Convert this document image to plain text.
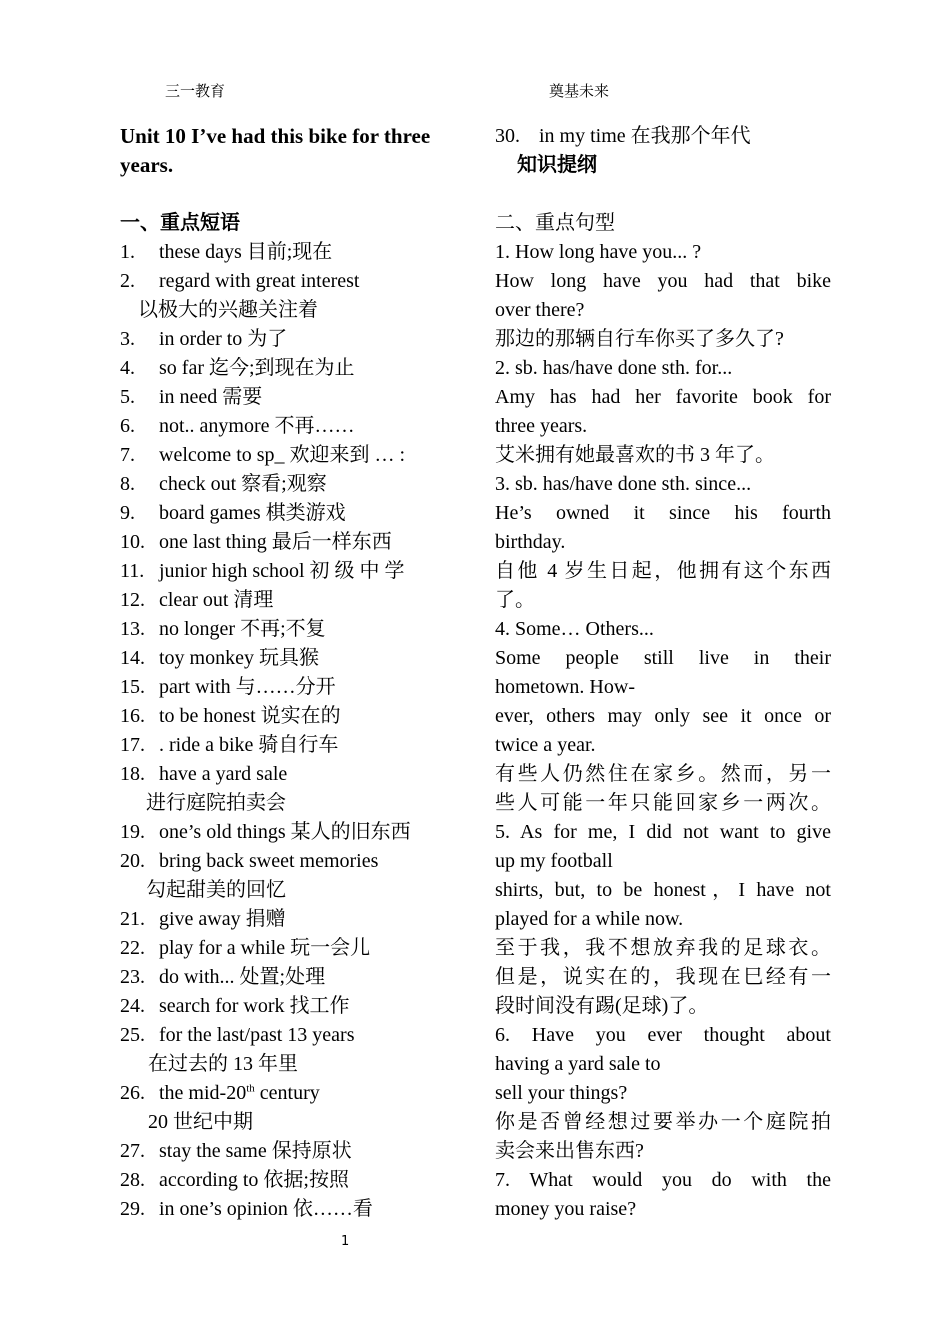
三一教育	奠基未来
Unit 10 I’ve had this bike for three
years.
一、重点短语
1.	these days 目前;现在
2.	regard with great interest
以极大的兴趣关注着
3.	in order to 为了
4.	so far 迄今;到现在为止
5.	in need 需要
6.	not.. anymore 不再……
7.	welcome to sp_ 欢迎来到 … :
8.	check out 察看;观察
9.	board games 棋类游戏
10. one last thing 最后一样东西
11. junior high school 初 级 中 学
12. clear out 清理
13. no longer 不再;不复
14. toy monkey 玩具猴
15. part with 与……分开
16. to be honest 说实在的
17. . ride a bike 骑自行车
18. have a yard sale
进行庭院拍卖会
19. one’s old things 某人的旧东西
20. bring back sweet memories
勾起甜美的回忆
21. give away 捐赠
22. play for a while 玩一会儿
23. do with... 处置;处理
24. search for work 找工作
25. for the last/past 13 years
在过去的 13 年里
26. the mid-20th century
20 世纪中期
27. stay the same 保持原状
28. according to 依据;按照
29. in one’s opinion 依……看
30. in my time 在我那个年代
知识提纲
二、重点句型
1. How long have you... ?
How long have you had that bike
over there?
那边的那辆自行车你买了多久了?
2. sb. has/have done sth. for...
Amy has had her favorite book for
three years.
艾米拥有她最喜欢的书 3 年了。
3. sb. has/have done sth. since...
He’s owned it since his fourth
birthday.
自他 4 岁生日起，他拥有这个东西
了。
4. Some… Others...
Some people still live in their
hometown. How-
ever, others may only see it once or
twice a year.
有些人仍然住在家乡。然而，另一
些人可能一年只能回家乡一两次。
5. As for me, I did not want to give
up my football
shirts, but, to be honest，I have not
played for a while now.
至于我，我不想放弃我的足球衣。
但是，说实在的，我现在巳经有一
段时间没有踢(足球)了。
6. Have you ever thought about
having a yard sale to
sell your things?
你是否曾经想过要举办一个庭院拍
卖会来出售东西?
7. What would you do with the
money you raise?
1
